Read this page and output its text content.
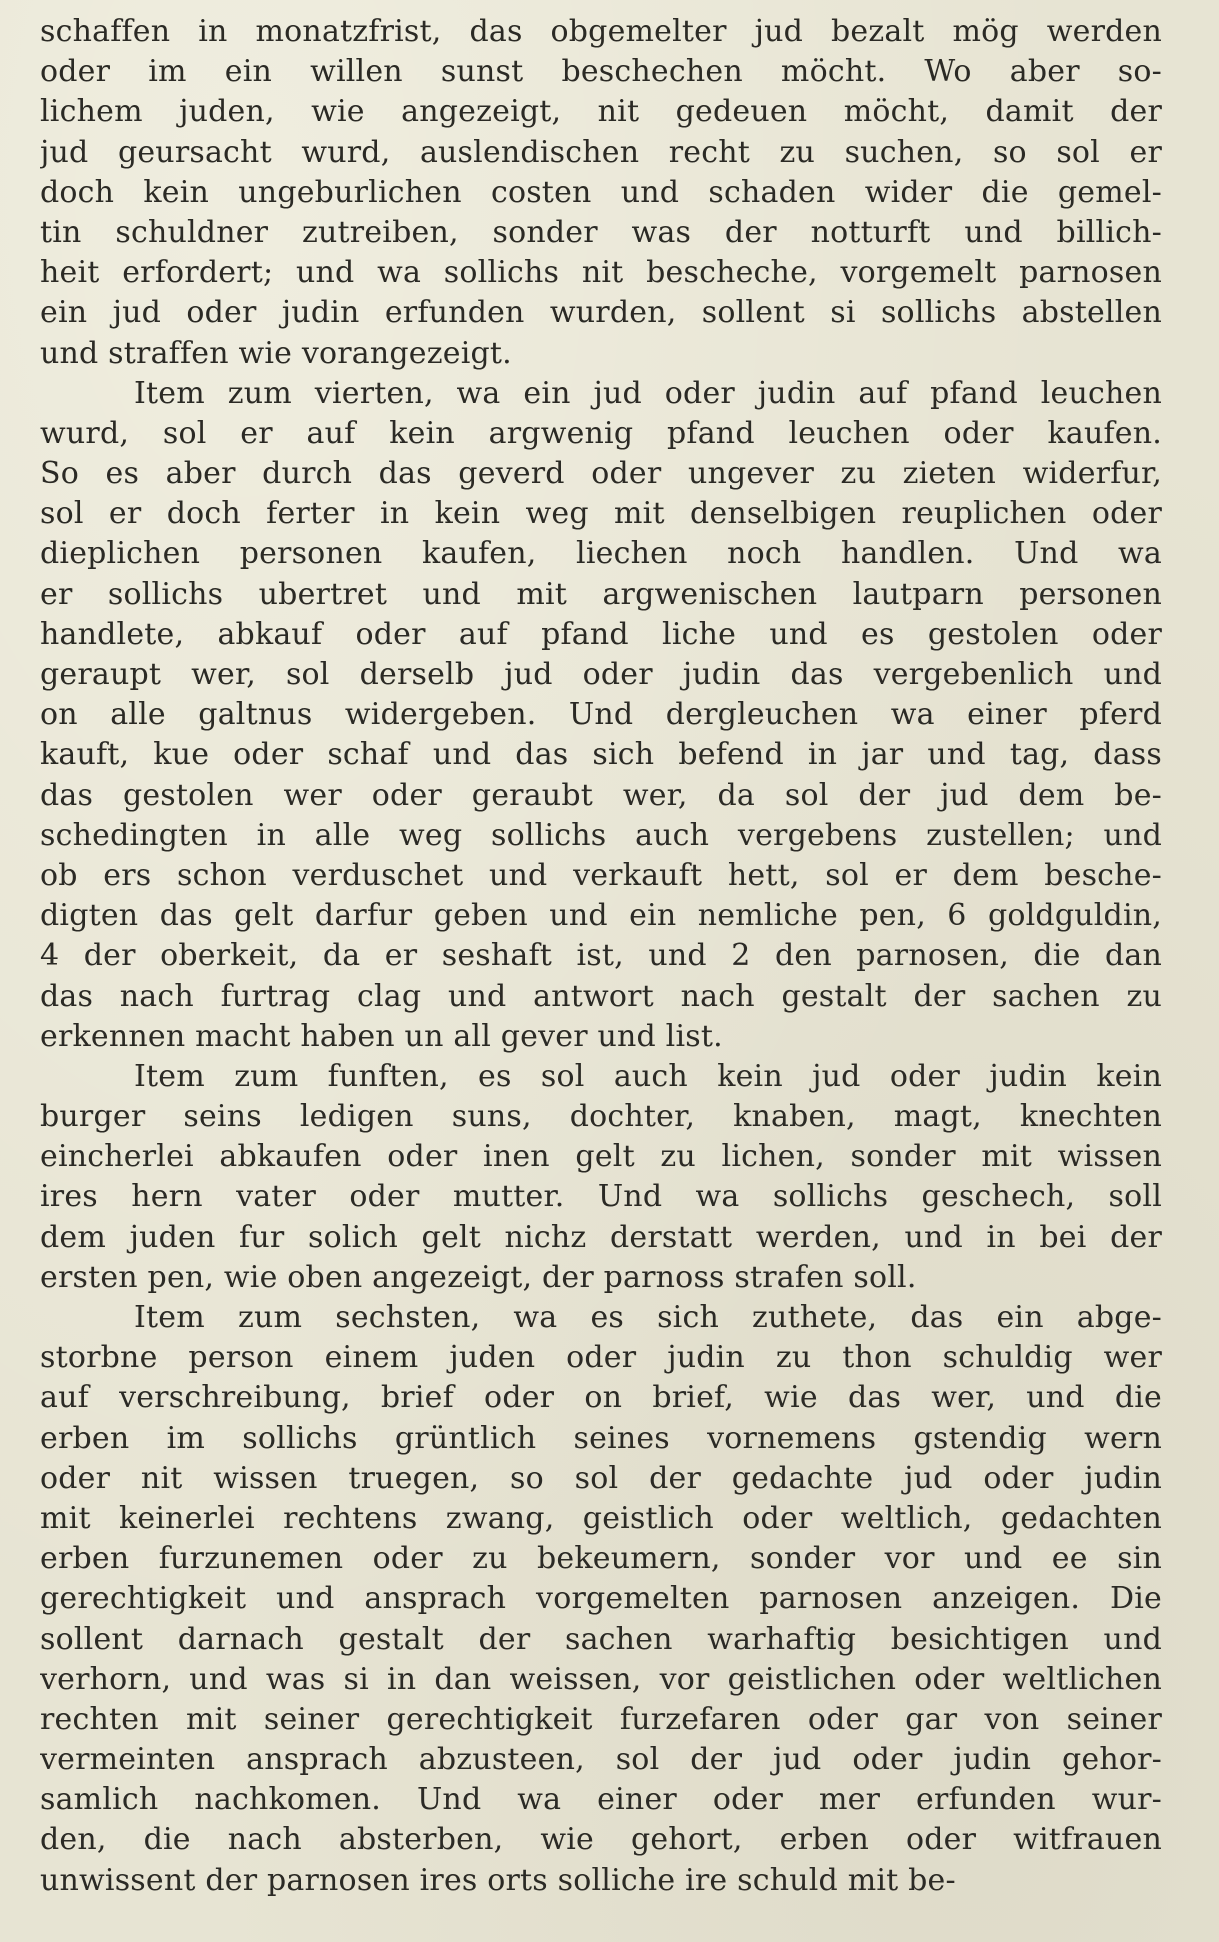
schaffen in monatzfrist, das obgemelter jud bezalt mög werden
oder im ein willen sunst beschechen möcht. Wo aber so-
lichem juden, wie angezeigt, nit gedeuen möcht, damit der
jud geursacht wurd, auslendischen recht zu suchen, so sol er
doch kein ungeburlichen costen und schaden wider die gemel-
tin schuldner zutreiben, sonder was der notturft und billich-
heit erfordert; und wa sollichs nit bescheche, vorgemelt parnosen
ein jud oder judin erfunden wurden, sollent si sollichs abstellen
und straffen wie vorangezeigt.
Item zum vierten, wa ein jud oder judin auf pfand leuchen
wurd, sol er auf kein argwenig pfand leuchen oder kaufen.
So es aber durch das geverd oder ungever zu zieten widerfur,
sol er doch ferter in kein weg mit denselbigen reuplichen oder
dieplichen personen kaufen, liechen noch handlen. Und wa
er sollichs ubertret und mit argwenischen lautparn personen
handlete, abkauf oder auf pfand liche und es gestolen oder
geraupt wer, sol derselb jud oder judin das vergebenlich und
on alle galtnus widergeben. Und dergleuchen wa einer pferd
kauft, kue oder schaf und das sich befend in jar und tag, dass
das gestolen wer oder geraubt wer, da sol der jud dem be-
schedingten in alle weg sollichs auch vergebens zustellen; und
ob ers schon verduschet und verkauft hett, sol er dem besche-
digten das gelt darfur geben und ein nemliche pen, 6 goldguldin,
4 der oberkeit, da er seshaft ist, und 2 den parnosen, die dan
das nach furtrag clag und antwort nach gestalt der sachen zu
erkennen macht haben un all gever und list.
Item zum funften, es sol auch kein jud oder judin kein
burger seins ledigen suns, dochter, knaben, magt, knechten
eincherlei abkaufen oder inen gelt zu lichen, sonder mit wissen
ires hern vater oder mutter. Und wa sollichs geschech, soll
dem juden fur solich gelt nichz derstatt werden, und in bei der
ersten pen, wie oben angezeigt, der parnoss strafen soll.
Item zum sechsten, wa es sich zuthete, das ein abge-
storbne person einem juden oder judin zu thon schuldig wer
auf verschreibung, brief oder on brief, wie das wer, und die
erben im sollichs grüntlich seines vornemens gstendig wern
oder nit wissen truegen, so sol der gedachte jud oder judin
mit keinerlei rechtens zwang, geistlich oder weltlich, gedachten
erben furzunemen oder zu bekeumern, sonder vor und ee sin
gerechtigkeit und ansprach vorgemelten parnosen anzeigen. Die
sollent darnach gestalt der sachen warhaftig besichtigen und
verhorn, und was si in dan weissen, vor geistlichen oder weltlichen
rechten mit seiner gerechtigkeit furzefaren oder gar von seiner
vermeinten ansprach abzusteen, sol der jud oder judin gehor-
samlich nachkomen. Und wa einer oder mer erfunden wur-
den, die nach absterben, wie gehort, erben oder witfrauen
unwissent der parnosen ires orts solliche ire schuld mit be-
